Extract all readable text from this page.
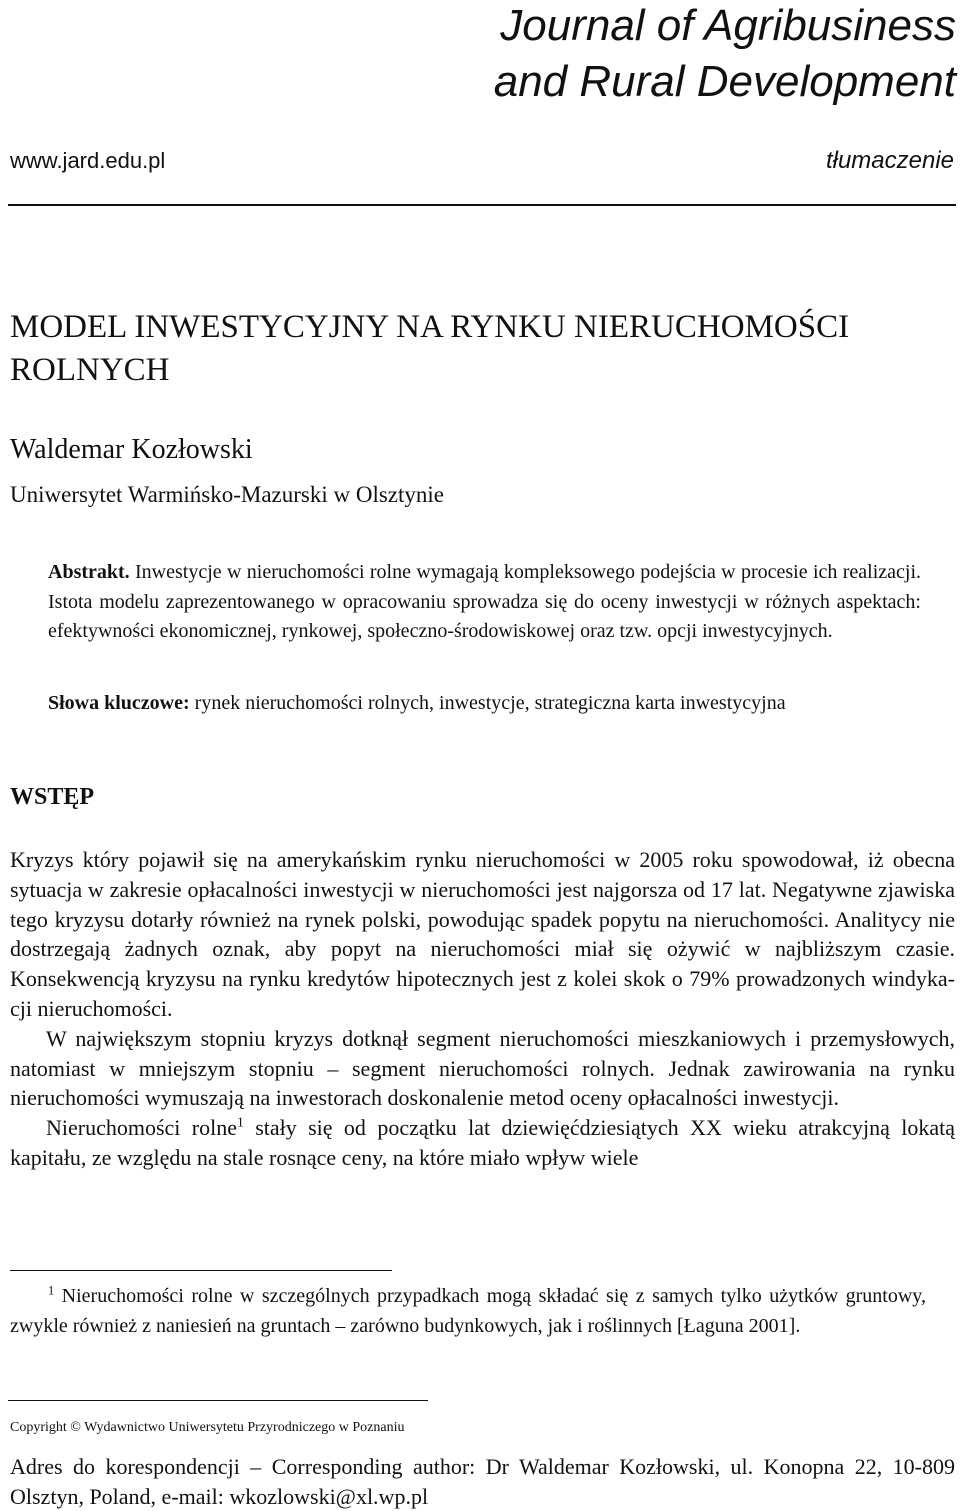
Journal of Agribusiness
and Rural Development
www.jard.edu.pl	tłumaczenie
MODEL INWESTYCYJNY NA RYNKU NIERUCHOMOŚCI ROLNYCH
Waldemar Kozłowski
Uniwersytet Warmińsko-Mazurski w Olsztynie
Abstrakt. Inwestycje w nieruchomości rolne wymagają kompleksowego podejścia w procesie ich realizacji. Istota modelu zaprezentowanego w opracowaniu sprowadza się do oceny inwestycji w różnych aspektach: efektywności ekonomicznej, rynkowej, społeczno-środowiskowej oraz tzw. opcji inwestycyjnych.
Słowa kluczowe: rynek nieruchomości rolnych, inwestycje, strategiczna karta inwestycyjna
WSTĘP

Kryzys który pojawił się na amerykańskim rynku nieruchomości w 2005 roku spowodował, iż obecna sytuacja w zakresie opłacalności inwestycji w nieruchomości jest najgorsza od 17 lat. Negatywne zjawiska tego kryzysu dotarły również na rynek polski, powodując spadek popytu na nieruchomości. Analitycy nie dostrzegają żadnych oznak, aby popyt na nieruchomości miał się ożywić w najbliższym czasie. Konsekwencją kryzysu na rynku kredytów hipotecznych jest z kolei skok o 79% prowadzonych windykacji nieruchomości.

W największym stopniu kryzys dotknął segment nieruchomości mieszkaniowych i przemysłowych, natomiast w mniejszym stopniu – segment nieruchomości rolnych. Jednak zawirowania na rynku nieruchomości wymuszają na inwestorach doskonalenie metod oceny opłacalności inwestycji.

Nieruchomości rolne$^1$ stały się od początku lat dziewięćdziesiątych XX wieku atrakcyjną lokatą kapitału, ze względu na stale rosnące ceny, na które miało wpływ wiele

$^1$ Nieruchomości rolne w szczególnych przypadkach mogą składać się z samych tylko użytków gruntowy, zwykle również z naniesień na gruntach – zarówno budynkowych, jak i roślinnych [Łaguna 2001].
Copyright © Wydawnictwo Uniwersytetu Przyrodniczego w Poznaniu
Adres do korespondencji – Corresponding author: Dr Waldemar Kozłowski, ul. Konopna 22, 10-809 Olsztyn, Poland, e-mail: wkozlowski@xl.wp.pl
